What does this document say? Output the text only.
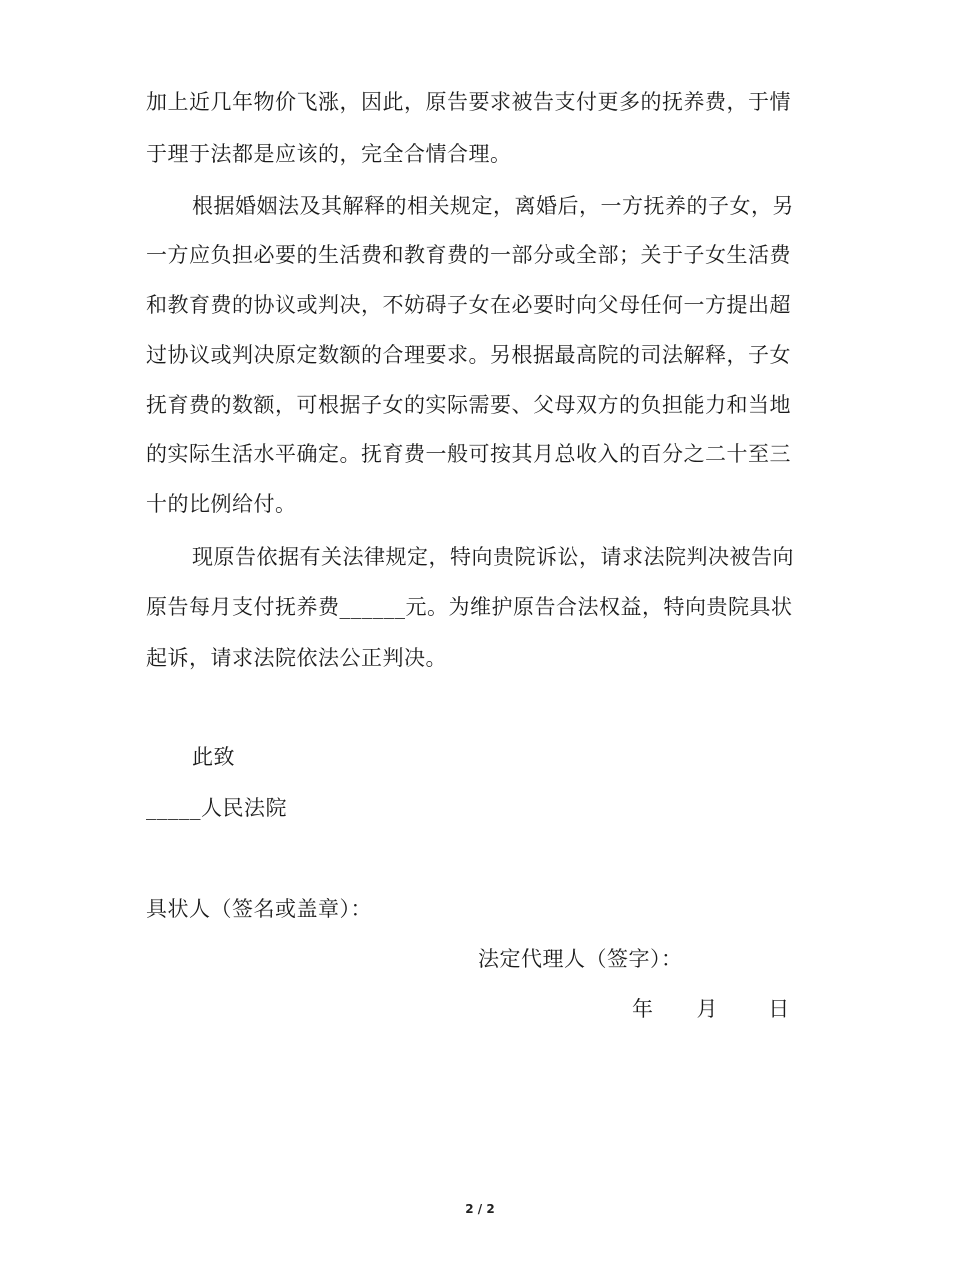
加上近几年物价飞涨，因此，原告要求被告支付更多的抚养费，于情
于理于法都是应该的，完全合情合理。
根据婚姻法及其解释的相关规定，离婚后，一方抚养的子女，另
一方应负担必要的生活费和教育费的一部分或全部；关于子女生活费
和教育费的协议或判决，不妨碍子女在必要时向父母任何一方提出超
过协议或判决原定数额的合理要求。另根据最高院的司法解释，子女
抚育费的数额，可根据子女的实际需要、父母双方的负担能力和当地
的实际生活水平确定。抚育费一般可按其月总收入的百分之二十至三
十的比例给付。
现原告依据有关法律规定，特向贵院诉讼，请求法院判决被告向
原告每月支付抚养费______元。为维护原告合法权益，特向贵院具状
起诉，请求法院依法公正判决。
此致
_____人民法院
具状人（签名或盖章）：
法定代理人（签字）：
年      月       日
2 / 2
